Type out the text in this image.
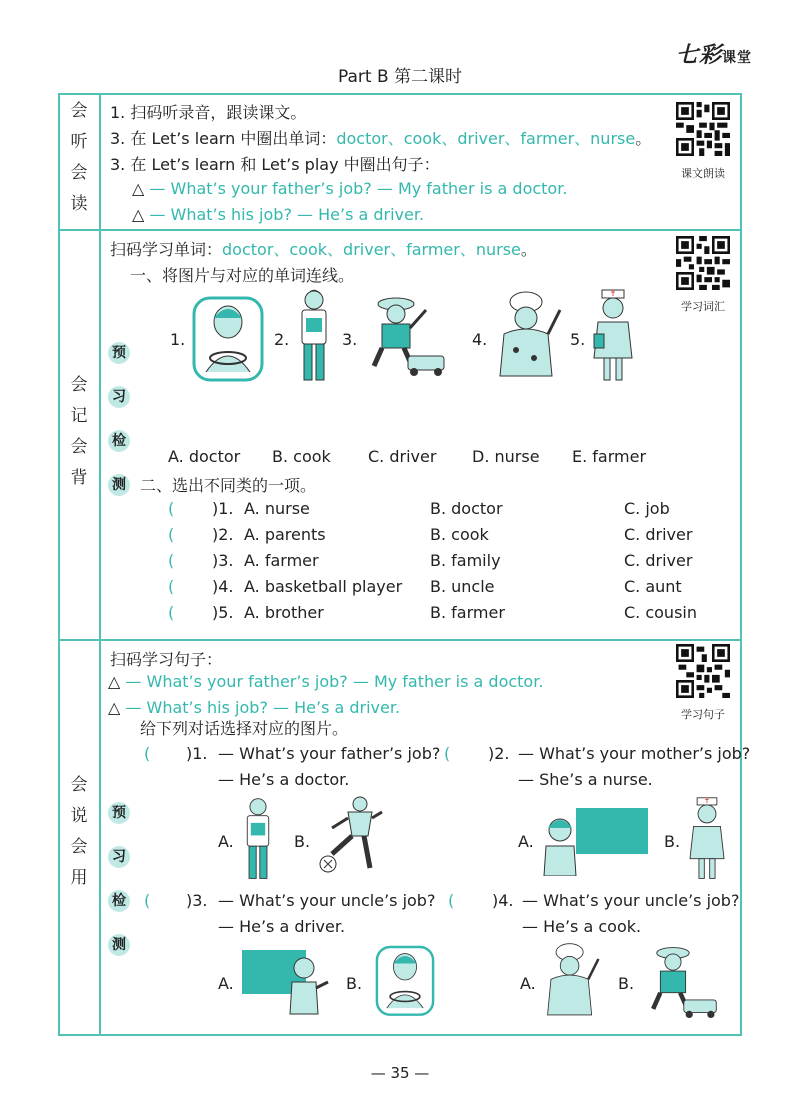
Part B 第二课时
七彩课堂
会
听
会
读
1. 扫码听录音，跟读课文。
3. 在 Let’s learn 中圈出单词：doctor、cook、driver、farmer、nurse。
3. 在 Let’s learn 和 Let’s play 中圈出句子：
△ — What’s your father’s job? — My father is a doctor.
△ — What’s his job? — He’s a driver.
课文朗读
会
记
会
背
预
习
检
测
扫码学习单词：doctor、cook、driver、farmer、nurse。
一、将图片与对应的单词连线。
学习词汇
1.	2.	3.	4.	5.
A. doctor B. cook C. driver D. nurse E. farmer
二、选出不同类的一项。
( )1. A. nurse	B. doctor	C. job
( )2. A. parents	B. cook	C. driver
( )3. A. farmer	B. family	C. driver
( )4. A. basketball player B. uncle	C. aunt
( )5. A. brother	B. farmer	C. cousin
会
说
会
用
预
习
检
测
扫码学习句子：
△ — What’s your father’s job? — My father is a doctor.
△ — What’s his job? — He’s a driver.
给下列对话选择对应的图片。
学习句子
( )1. — What’s your father’s job?
— He’s a doctor.
A.	B.
( )2. — What’s your mother’s job?
— She’s a nurse.
A.	B.
( )3. — What’s your uncle’s job?
— He’s a driver.
A.	B.
( )4. — What’s your uncle’s job?
— He’s a cook.
A.	B.
— 35 —
